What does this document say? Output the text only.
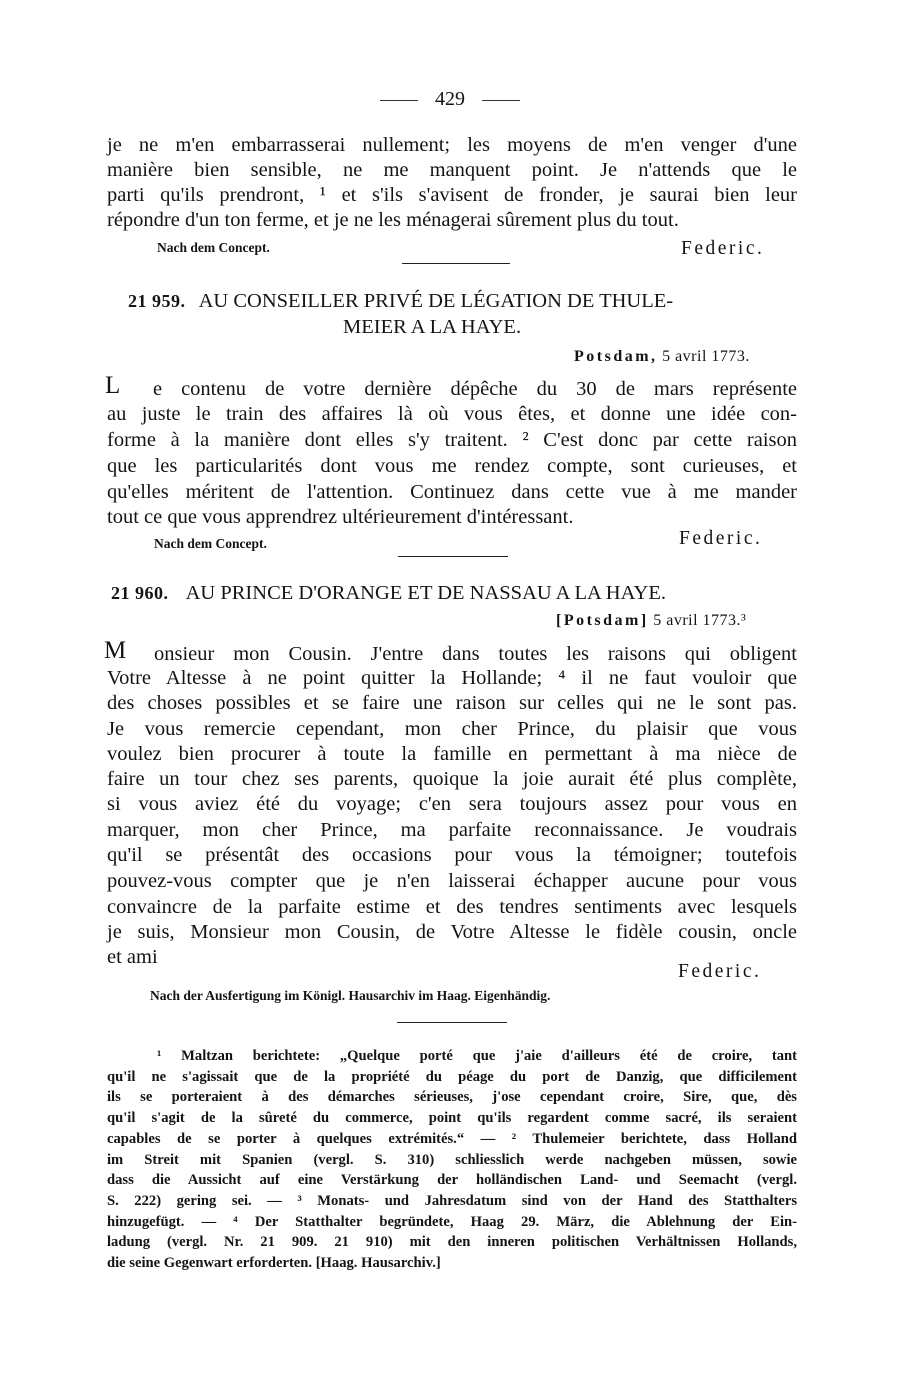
429
je ne m'en embarrasserai nullement; les moyens de m'en venger d'une
manière bien sensible, ne me manquent point. Je n'attends que le
parti qu'ils prendront, ¹ et s'ils s'avisent de fronder, je saurai bien leur
répondre d'un ton ferme, et je ne les ménagerai sûrement plus du tout.
Nach dem Concept.	Federic.
21 959. AU CONSEILLER PRIVÉ DE LÉGATION DE THULE-
MEIER A LA HAYE.
Potsdam, 5 avril 1773.
L e contenu de votre dernière dépêche du 30 de mars représente
au juste le train des affaires là où vous êtes, et donne une idée con-
forme à la manière dont elles s'y traitent. ² C'est donc par cette raison
que les particularités dont vous me rendez compte, sont curieuses, et
qu'elles méritent de l'attention. Continuez dans cette vue à me mander
tout ce que vous apprendrez ultérieurement d'intéressant.
Nach dem Concept.	Federic.
21 960. AU PRINCE D'ORANGE ET DE NASSAU A LA HAYE.
[Potsdam] 5 avril 1773.³
M onsieur mon Cousin. J'entre dans toutes les raisons qui obligent
Votre Altesse à ne point quitter la Hollande; ⁴ il ne faut vouloir que
des choses possibles et se faire une raison sur celles qui ne le sont pas.
Je vous remercie cependant, mon cher Prince, du plaisir que vous
voulez bien procurer à toute la famille en permettant à ma nièce de
faire un tour chez ses parents, quoique la joie aurait été plus complète,
si vous aviez été du voyage; c'en sera toujours assez pour vous en
marquer, mon cher Prince, ma parfaite reconnaissance. Je voudrais
qu'il se présentât des occasions pour vous la témoigner; toutefois
pouvez-vous compter que je n'en laisserai échapper aucune pour vous
convaincre de la parfaite estime et des tendres sentiments avec lesquels
je suis, Monsieur mon Cousin, de Votre Altesse le fidèle cousin, oncle
et ami
Federic.
Nach der Ausfertigung im Königl. Hausarchiv im Haag. Eigenhändig.
¹ Maltzan berichtete: „Quelque porté que j'aie d'ailleurs été de croire, tant
qu'il ne s'agissait que de la propriété du péage du port de Danzig, que difficilement
ils se porteraient à des démarches sérieuses, j'ose cependant croire, Sire, que, dès
qu'il s'agit de la sûreté du commerce, point qu'ils regardent comme sacré, ils seraient
capables de se porter à quelques extrémités.“ — ² Thulemeier berichtete, dass Holland
im Streit mit Spanien (vergl. S. 310) schliesslich werde nachgeben müssen, sowie
dass die Aussicht auf eine Verstärkung der holländischen Land- und Seemacht (vergl.
S. 222) gering sei. — ³ Monats- und Jahresdatum sind von der Hand des Statthalters
hinzugefügt. — ⁴ Der Statthalter begründete, Haag 29. März, die Ablehnung der Ein-
ladung (vergl. Nr. 21 909. 21 910) mit den inneren politischen Verhältnissen Hollands,
die seine Gegenwart erforderten. [Haag. Hausarchiv.]
